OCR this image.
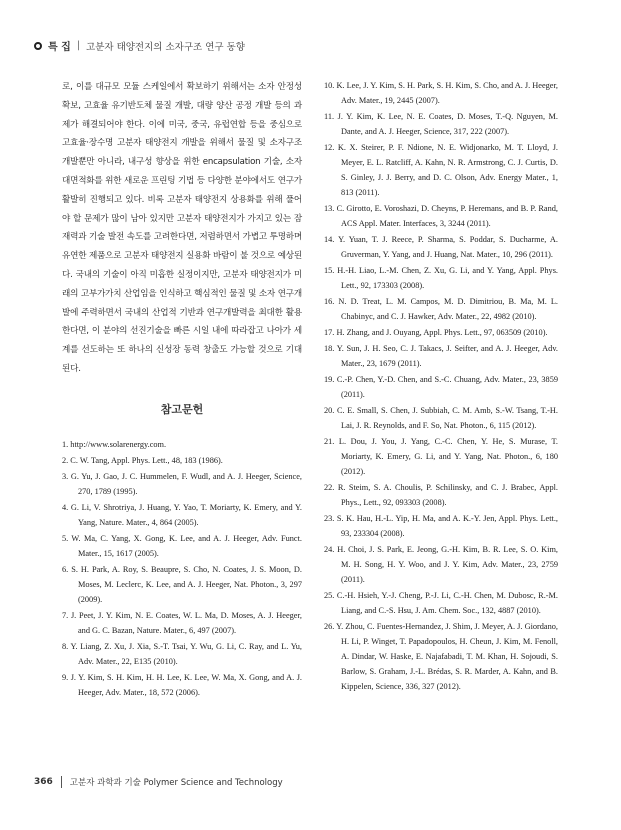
특 집 | 고분자 태양전지의 소자구조 연구 동향

로, 이를 대규모 모듈 스케일에서 확보하기 위해서는 소자 안정성 확보, 고효율 유기반도체 물질 개발, 대량 양산 공정 개발 등의 과제가 해결되어야 한다. 이에 미국, 중국, 유럽연합 등을 중심으로 고효율·장수명 고분자 태양전지 개발을 위해서 물질 및 소자구조 개발뿐만 아니라, 내구성 향상을 위한 encapsulation 기술, 소자 대면적화를 위한 새로운 프린팅 기법 등 다양한 분야에서도 연구가 활발히 진행되고 있다. 비록 고분자 태양전지 상용화를 위해 풀어야 할 문제가 많이 남아 있지만 고분자 태양전지가 가지고 있는 잠재력과 기술 발전 속도를 고려한다면, 저렴하면서 가볍고 투명하며 유연한 제품으로 고분자 태양전지 실용화 바람이 불 것으로 예상된다. 국내의 기술이 아직 미흡한 실정이지만, 고분자 태양전지가 미래의 고부가가치 산업임을 인식하고 핵심적인 물질 및 소자 연구개발에 주력하면서 국내의 산업적 기반과 연구개발력을 최대한 활용한다면, 이 분야의 선진기술을 빠른 시일 내에 따라잡고 나아가 세계를 선도하는 또 하나의 신성장 동력 창출도 가능할 것으로 기대된다.

참고문헌
1. http://www.solarenergy.com.
2. C. W. Tang, Appl. Phys. Lett., 48, 183 (1986).
3. G. Yu, J. Gao, J. C. Hummelen, F. Wudl, and A. J. Heeger, Science, 270, 1789 (1995).
4. G. Li, V. Shrotriya, J. Huang, Y. Yao, T. Moriarty, K. Emery, and Y. Yang, Nature. Mater., 4, 864 (2005).
5. W. Ma, C. Yang, X. Gong, K. Lee, and A. J. Heeger, Adv. Funct. Mater., 15, 1617 (2005).
6. S. H. Park, A. Roy, S. Beaupre, S. Cho, N. Coates, J. S. Moon, D. Moses, M. Leclerc, K. Lee, and A. J. Heeger, Nat. Photon., 3, 297 (2009).
7. J. Peet, J. Y. Kim, N. E. Coates, W. L. Ma, D. Moses, A. J. Heeger, and G. C. Bazan, Nature. Mater., 6, 497 (2007).
8. Y. Liang, Z. Xu, J. Xia, S.-T. Tsai, Y. Wu, G. Li, C. Ray, and L. Yu, Adv. Mater., 22, E135 (2010).
9. J. Y. Kim, S. H. Kim, H. H. Lee, K. Lee, W. Ma, X. Gong, and A. J. Heeger, Adv. Mater., 18, 572 (2006).
10. K. Lee, J. Y. Kim, S. H. Park, S. H. Kim, S. Cho, and A. J. Heeger, Adv. Mater., 19, 2445 (2007).
11. J. Y. Kim, K. Lee, N. E. Coates, D. Moses, T.-Q. Nguyen, M. Dante, and A. J. Heeger, Science, 317, 222 (2007).
12. K. X. Steirer, P. F. Ndione, N. E. Widjonarko, M. T. Lloyd, J. Meyer, E. L. Ratcliff, A. Kahn, N. R. Armstrong, C. J. Curtis, D. S. Ginley, J. J. Berry, and D. C. Olson, Adv. Energy Mater., 1, 813 (2011).
13. C. Girotto, E. Voroshazi, D. Cheyns, P. Heremans, and B. P. Rand, ACS Appl. Mater. Interfaces, 3, 3244 (2011).
14. Y. Yuan, T. J. Reece, P. Sharma, S. Poddar, S. Ducharme, A. Gruverman, Y. Yang, and J. Huang, Nat. Mater., 10, 296 (2011).
15. H.-H. Liao, L.-M. Chen, Z. Xu, G. Li, and Y. Yang, Appl. Phys. Lett., 92, 173303 (2008).
16. N. D. Treat, L. M. Campos, M. D. Dimitriou, B. Ma, M. L. Chabinyc, and C. J. Hawker, Adv. Mater., 22, 4982 (2010).
17. H. Zhang, and J. Ouyang, Appl. Phys. Lett., 97, 063509 (2010).
18. Y. Sun, J. H. Seo, C. J. Takacs, J. Seifter, and A. J. Heeger, Adv. Mater., 23, 1679 (2011).
19. C.-P. Chen, Y.-D. Chen, and S.-C. Chuang, Adv. Mater., 23, 3859 (2011).
20. C. E. Small, S. Chen, J. Subbiah, C. M. Amb, S.-W. Tsang, T.-H. Lai, J. R. Reynolds, and F. So, Nat. Photon., 6, 115 (2012).
21. L. Dou, J. You, J. Yang, C.-C. Chen, Y. He, S. Murase, T. Moriarty, K. Emery, G. Li, and Y. Yang, Nat. Photon., 6, 180 (2012).
22. R. Steim, S. A. Choulis, P. Schilinsky, and C. J. Brabec, Appl. Phys., Lett., 92, 093303 (2008).
23. S. K. Hau, H.-L. Yip, H. Ma, and A. K.-Y. Jen, Appl. Phys. Lett., 93, 233304 (2008).
24. H. Choi, J. S. Park, E. Jeong, G.-H. Kim, B. R. Lee, S. O. Kim, M. H. Song, H. Y. Woo, and J. Y. Kim, Adv. Mater., 23, 2759 (2011).
25. C.-H. Hsieh, Y.-J. Cheng, P.-J. Li, C.-H. Chen, M. Dubosc, R.-M. Liang, and C.-S. Hsu, J. Am. Chem. Soc., 132, 4887 (2010).
26. Y. Zhou, C. Fuentes-Hernandez, J. Shim, J. Meyer, A. J. Giordano, H. Li, P. Winget, T. Papadopoulos, H. Cheun, J. Kim, M. Fenoll, A. Dindar, W. Haske, E. Najafabadi, T. M. Khan, H. Sojoudi, S. Barlow, S. Graham, J.-L. Brédas, S. R. Marder, A. Kahn, and B. Kippelen, Science, 336, 327 (2012).
366	고분자 과학과 기술 Polymer Science and Technology
